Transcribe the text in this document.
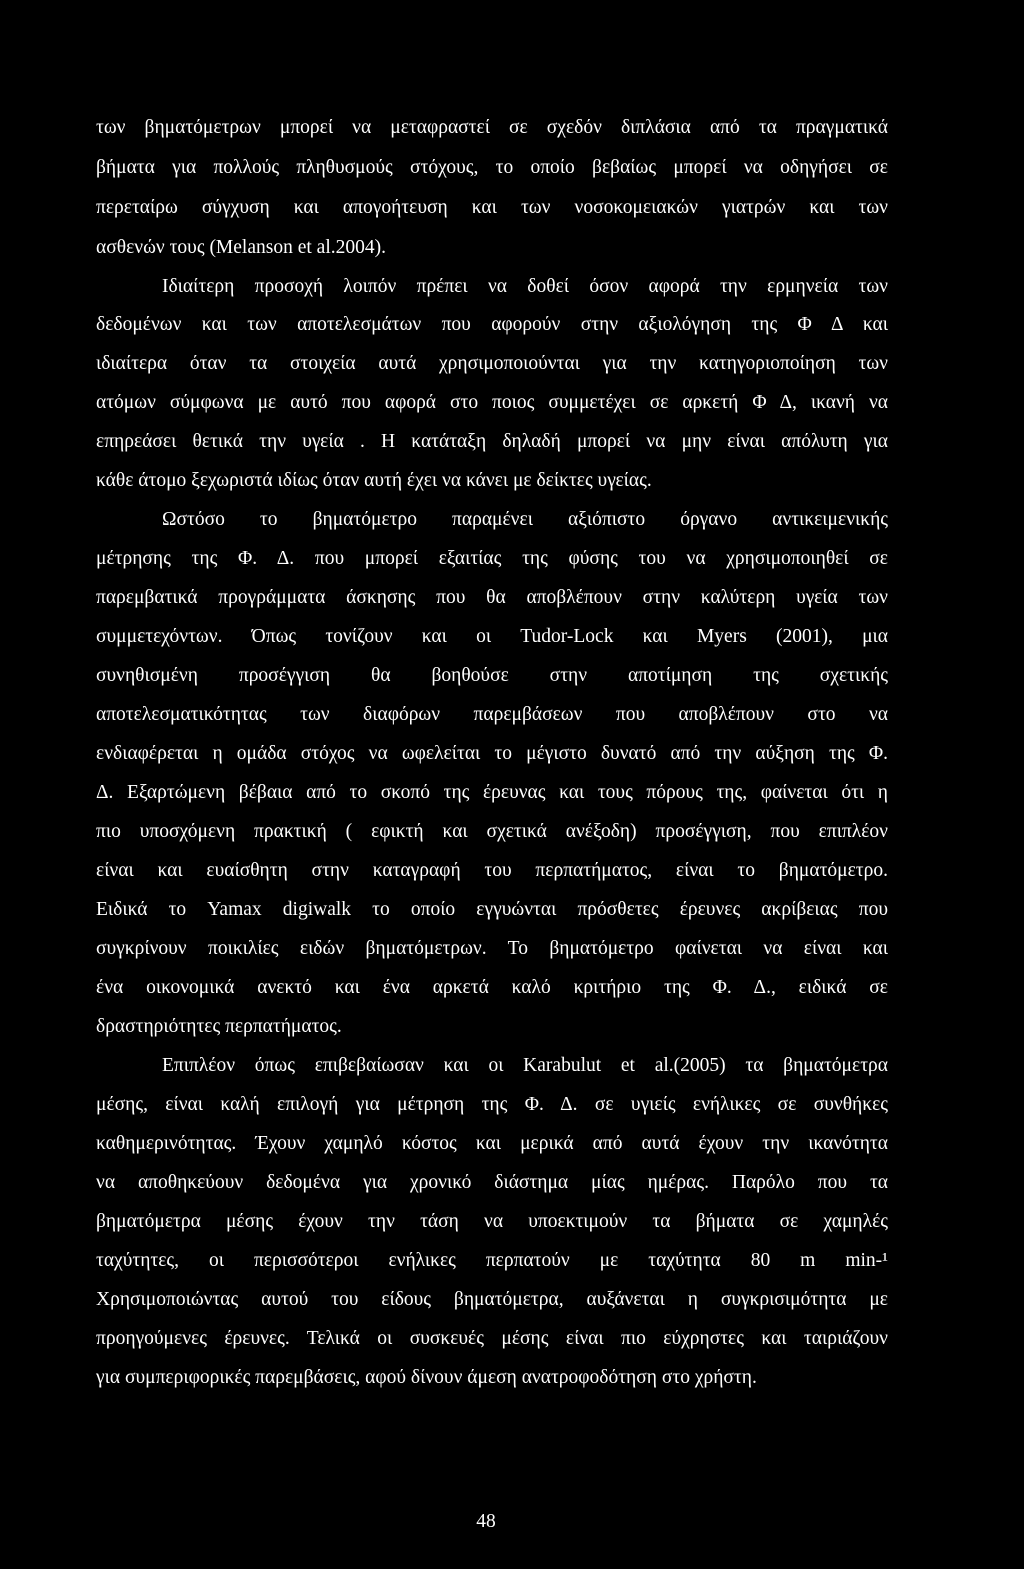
των βηματόμετρων μπορεί να μεταφραστεί σε σχεδόν διπλάσια από τα πραγματικά
βήματα για πολλούς πληθυσμούς στόχους, το οποίο βεβαίως μπορεί να οδηγήσει σε
περεταίρω σύγχυση και απογοήτευση και των νοσοκομειακών γιατρών και των
ασθενών τους (Melanson et al.2004).
Ιδιαίτερη προσοχή λοιπόν πρέπει να δοθεί όσον αφορά την ερμηνεία των
δεδομένων και των αποτελεσμάτων που αφορούν στην αξιολόγηση της Φ Δ και
ιδιαίτερα όταν τα στοιχεία αυτά χρησιμοποιούνται για την κατηγοριοποίηση των
ατόμων σύμφωνα με αυτό που αφορά στο ποιος συμμετέχει σε αρκετή Φ Δ, ικανή να
επηρεάσει θετικά την υγεία . Η κατάταξη δηλαδή μπορεί να μην είναι απόλυτη για
κάθε άτομο ξεχωριστά ιδίως όταν αυτή έχει να κάνει με δείκτες υγείας.
Ωστόσο το βηματόμετρο παραμένει αξιόπιστο όργανο αντικειμενικής
μέτρησης της Φ. Δ. που μπορεί εξαιτίας της φύσης του να χρησιμοποιηθεί σε
παρεμβατικά προγράμματα άσκησης που θα αποβλέπουν στην καλύτερη υγεία των
συμμετεχόντων. Όπως τονίζουν και οι Tudor-Lock και Myers (2001), μια
συνηθισμένη προσέγγιση θα βοηθούσε στην αποτίμηση της σχετικής
αποτελεσματικότητας των διαφόρων παρεμβάσεων που αποβλέπουν στο να
ενδιαφέρεται η ομάδα στόχος να ωφελείται το μέγιστο δυνατό από την αύξηση της Φ.
Δ. Εξαρτώμενη βέβαια από το σκοπό της έρευνας και τους πόρους της, φαίνεται ότι η
πιο υποσχόμενη πρακτική ( εφικτή και σχετικά ανέξοδη) προσέγγιση, που επιπλέον
είναι και ευαίσθητη στην καταγραφή του περπατήματος, είναι το βηματόμετρο.
Ειδικά το Yamax digiwalk το οποίο εγγυώνται πρόσθετες έρευνες ακρίβειας που
συγκρίνουν ποικιλίες ειδών βηματόμετρων. Το βηματόμετρο φαίνεται να είναι και
ένα οικονομικά ανεκτό και ένα αρκετά καλό κριτήριο της Φ. Δ., ειδικά σε
δραστηριότητες περπατήματος.
Επιπλέον όπως επιβεβαίωσαν και οι Karabulut et al.(2005) τα βηματόμετρα
μέσης, είναι καλή επιλογή για μέτρηση της Φ. Δ. σε υγιείς ενήλικες σε συνθήκες
καθημερινότητας. Έχουν χαμηλό κόστος και μερικά από αυτά έχουν την ικανότητα
να αποθηκεύουν δεδομένα για χρονικό διάστημα μίας ημέρας. Παρόλο που τα
βηματόμετρα μέσης έχουν την τάση να υποεκτιμούν τα βήματα σε χαμηλές
ταχύτητες, οι περισσότεροι ενήλικες περπατούν με ταχύτητα 80 m min-¹
Χρησιμοποιώντας αυτού του είδους βηματόμετρα, αυξάνεται η συγκρισιμότητα με
προηγούμενες έρευνες. Τελικά οι συσκευές μέσης είναι πιο εύχρηστες και ταιριάζουν
για συμπεριφορικές παρεμβάσεις, αφού δίνουν άμεση ανατροφοδότηση στο χρήστη.
48
